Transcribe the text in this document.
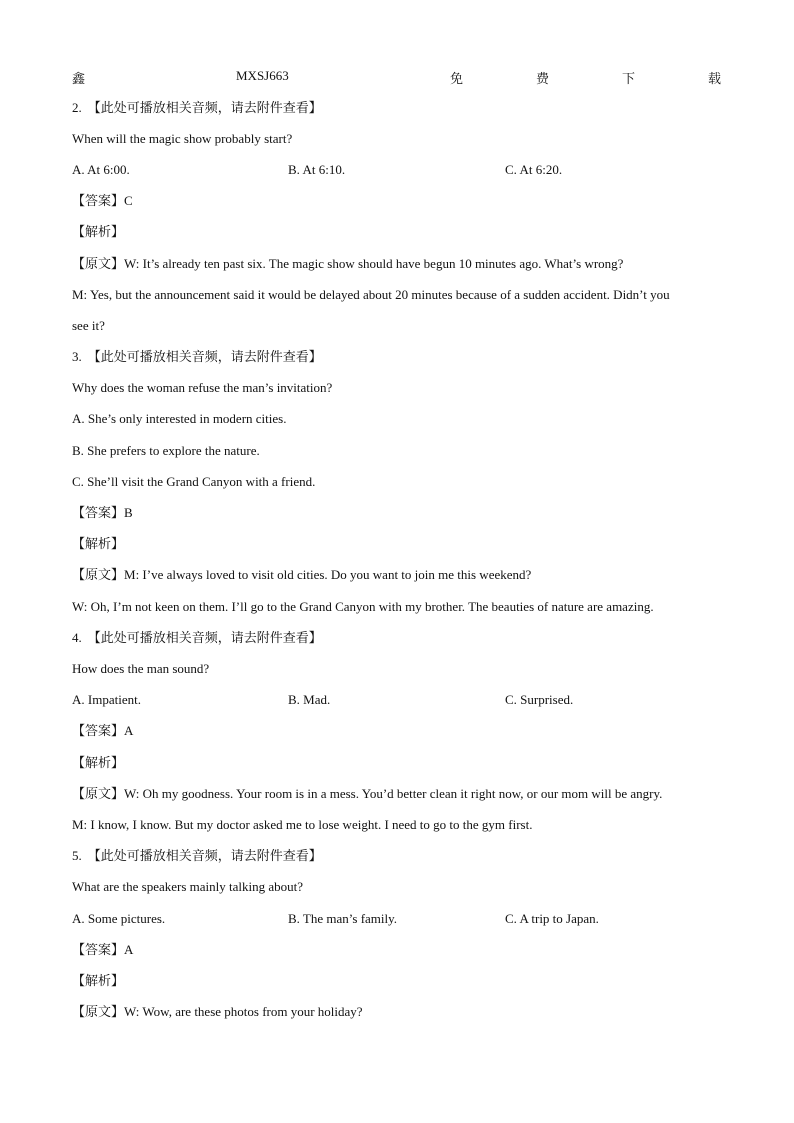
鑫	MXSJ663	免	费	下	载
2. 【此处可播放相关音频，请去附件查看】
When will the magic show probably start?
A. At 6:00.	B. At 6:10.	C. At 6:20.
【答案】C
【解析】
【原文】W: It’s already ten past six. The magic show should have begun 10 minutes ago. What’s wrong?
M: Yes, but the announcement said it would be delayed about 20 minutes because of a sudden accident. Didn’t you
see it?
3. 【此处可播放相关音频，请去附件查看】
Why does the woman refuse the man’s invitation?
A. She’s only interested in modern cities.
B. She prefers to explore the nature.
C. She’ll visit the Grand Canyon with a friend.
【答案】B
【解析】
【原文】M: I’ve always loved to visit old cities. Do you want to join me this weekend?
W: Oh, I’m not keen on them. I’ll go to the Grand Canyon with my brother. The beauties of nature are amazing.
4. 【此处可播放相关音频，请去附件查看】
How does the man sound?
A. Impatient.	B. Mad.	C. Surprised.
【答案】A
【解析】
【原文】W: Oh my goodness. Your room is in a mess. You’d better clean it right now, or our mom will be angry.
M: I know, I know. But my doctor asked me to lose weight. I need to go to the gym first.
5. 【此处可播放相关音频，请去附件查看】
What are the speakers mainly talking about?
A. Some pictures.	B. The man’s family.	C. A trip to Japan.
【答案】A
【解析】
【原文】W: Wow, are these photos from your holiday?
